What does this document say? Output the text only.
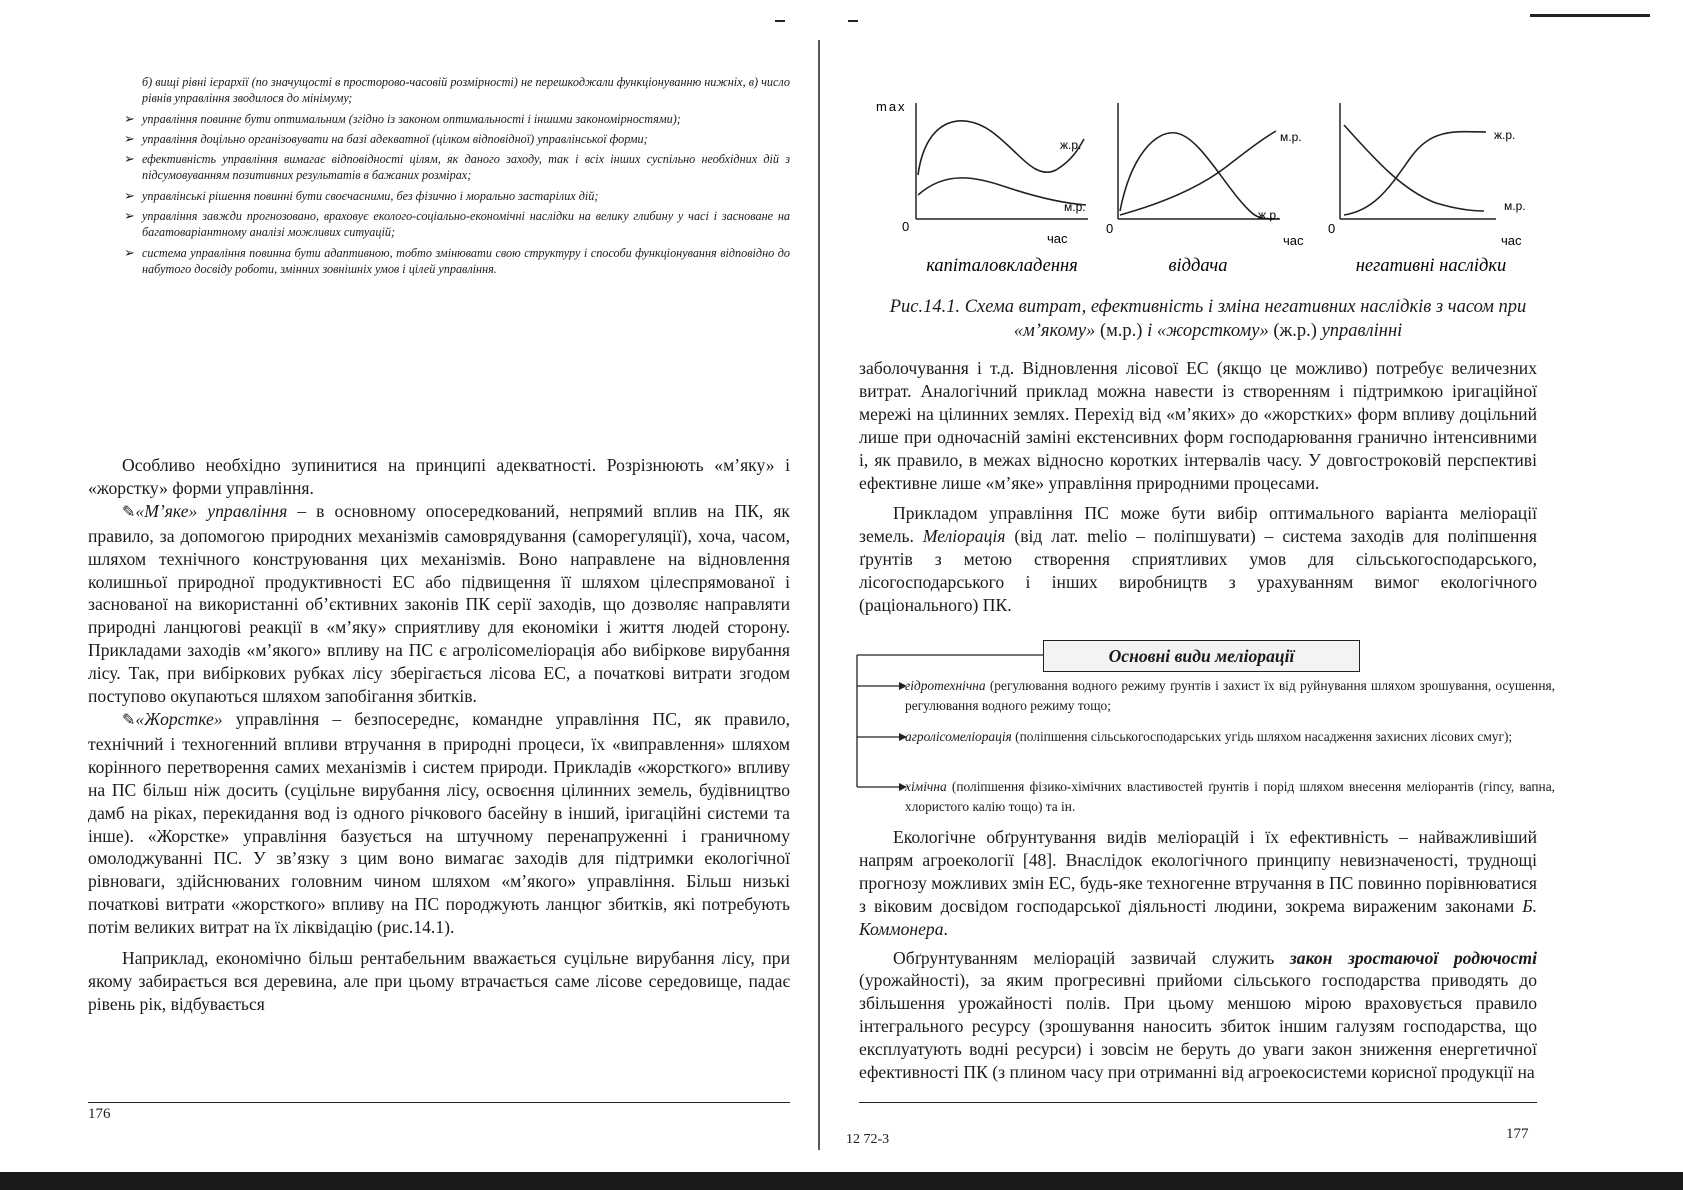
б) вищі рівні ієрархії (по значущості в просторово-часовій розмірності) не перешкоджали функціонуванню нижніх, в) число рівнів управління зводилося до мінімуму;

➢ управління повинне бути оптимальним (згідно із законом оптимальності і іншими закономірностями);

➢ управління доцільно організовувати на базі адекватної (цілком відповідної) управлінської форми;

➢ ефективність управління вимагає відповідності цілям, як даного заходу, так і всіх інших суспільно необхідних дій з підсумовуванням позитивних результатів в бажаних розмірах;

➢ управлінські рішення повинні бути своєчасними, без фізично і морально застарілих дій;

➢ управління завжди прогнозовано, враховує еколого-соціально-економічні наслідки на велику глибину у часі і засноване на багатоваріантному аналізі можливих ситуацій;

➢ система управління повинна бути адаптивною, тобто змінювати свою структуру і способи функціонування відповідно до набутого досвіду роботи, змінних зовнішніх умов і цілей управління.

Особливо необхідно зупинитися на принципі адекватності. Розрізнюють «м’яку» і «жорстку» форми управління.

✎«М’яке» управління – в основному опосередкований, непрямий вплив на ПК, як правило, за допомогою природних механізмів самоврядування (саморегуляції), хоча, часом, шляхом технічного конструювання цих механізмів. Воно направлене на відновлення колишньої природної продуктивності ЕС або підвищення її шляхом цілеспрямованої і заснованої на використанні об’єктивних законів ПК серії заходів, що дозволяє направляти природні ланцюгові реакції в «м’яку» сприятливу для економіки і життя людей сторону. Прикладами заходів «м’якого» впливу на ПС є агролісомеліорація або вибіркове вирубання лісу. Так, при вибіркових рубках лісу зберігається лісова ЕС, а початкові витрати згодом поступово окупаються шляхом запобігання збитків.

✎«Жорстке» управління – безпосереднє, командне управління ПС, як правило, технічний і техногенний впливи втручання в природні процеси, їх «виправлення» шляхом корінного перетворення самих механізмів і систем природи. Прикладів «жорсткого» впливу на ПС більш ніж досить (суцільне вирубання лісу, освоєння цілинних земель, будівництво дамб на ріках, перекидання вод із одного річкового басейну в інший, іригаційні системи та інше). «Жорстке» управління базується на штучному перенапруженні і граничному омолоджуванні ПС. У зв’язку з цим воно вимагає заходів для підтримки екологічної рівноваги, здійснюваних головним чином шляхом «м’якого» управління. Більш низькі початкові витрати «жорсткого» впливу на ПС породжують ланцюг збитків, які потребують потім великих витрат на їх ліквідацію (рис.14.1).

Наприклад, економічно більш рентабельним вважається суцільне вирубання лісу, при якому забирається вся деревина, але при цьому втрачається саме лісове середовище, падає рівень рік, відбувається

176
max
ж.р.
м.р.
0
час
капіталовкладення
м.р.
ж.р.
0
час
віддача
ж.р.
м.р.
0
час
негативні наслідки
Рис.14.1. Схема витрат, ефективність і зміна негативних наслідків з часом при «м’якому» (м.р.) і «жорсткому» (ж.р.) управлінні

заболочування і т.д. Відновлення лісової ЕС (якщо це можливо) потребує величезних витрат. Аналогічний приклад можна навести із створенням і підтримкою іригаційної мережі на цілинних землях. Перехід від «м’яких» до «жорстких» форм впливу доцільний лише при одночасній заміні екстенсивних форм господарювання гранично інтенсивними і, як правило, в межах відносно коротких інтервалів часу. У довгостроковій перспективі ефективне лише «м’яке» управління природними процесами.

Прикладом управління ПС може бути вибір оптимального варіанта меліорації земель. Меліорація (від лат. melio – поліпшувати) – система заходів для поліпшення ґрунтів з метою створення сприятливих умов для сільськогосподарського, лісогосподарського і інших виробництв з урахуванням вимог екологічного (раціонального) ПК.

Основні види меліорації
гідротехнічна (регулювання водного режиму ґрунтів і захист їх від руйнування шляхом зрошування, осушення, регулювання водного режиму тощо;
агролісомеліорація (поліпшення сільськогосподарських угідь шляхом насадження захисних лісових смуг);
хімічна (поліпшення фізико-хімічних властивостей ґрунтів і порід шляхом внесення меліорантів (гіпсу, вапна, хлористого калію тощо) та ін.

Екологічне обґрунтування видів меліорацій і їх ефективність – найважливіший напрям агроекології [48]. Внаслідок екологічного принципу невизначеності, труднощі прогнозу можливих змін ЕС, будь-яке техногенне втручання в ПС повинно порівнюватися з віковим досвідом господарської діяльності людини, зокрема вираженим законами Б. Коммонера.

Обґрунтуванням меліорацій зазвичай служить закон зростаючої родючості (урожайності), за яким прогресивні прийоми сільського господарства приводять до збільшення урожайності полів. При цьому меншою мірою враховується правило інтегрального ресурсу (зрошування наносить збиток іншим галузям господарства, що експлуатують водні ресурси) і зовсім не беруть до уваги закон зниження енергетичної ефективності ПК (з плином часу при отриманні від агроекосистеми корисної продукції на

12 72-3	177
